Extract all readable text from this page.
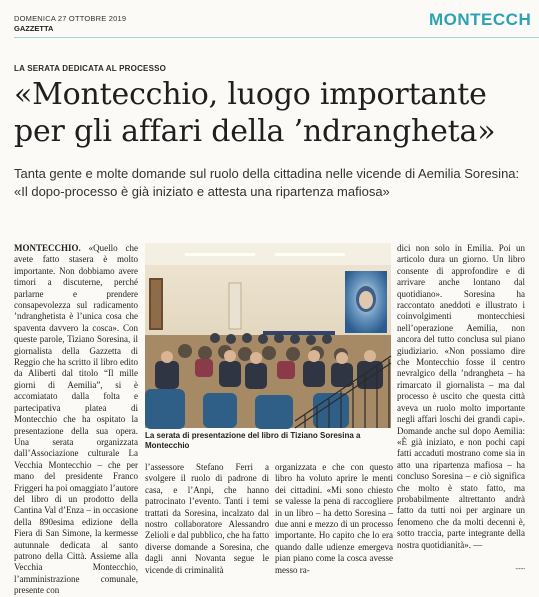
DOMENICA 27 OTTOBRE 2019
GAZZETTA	MONTECCH
LA SERATA DEDICATA AL PROCESSO
«Montecchio, luogo importante per gli affari della ’ndrangheta»
Tanta gente e molte domande sul ruolo della cittadina nelle vicende di Aemilia Soresina: «Il dopo-processo è già iniziato e attesta una ripartenza mafiosa»
MONTECCHIO. «Quello che avete fatto stasera è molto importante. Non dobbiamo avere timori a discuterne, perché parlarne e prendere consapevolezza sul radicamento ’ndranghetista è l’unica cosa che spaventa davvero la cosca». Con queste parole, Tiziano Soresina, il giornalista della Gazzetta di Reggio che ha scritto il libro edito da Aliberti dal titolo “Il mille giorni di Aemilia”, si è accomiatato dalla folta e partecipativa platea di Montecchio che ha ospitato la presentazione della sua opera. Una serata organizzata dall’Associazione culturale La Vecchia Montecchio – che per mano del presidente Franco Friggeri ha poi omaggiato l’autore del libro di un prodotto della Cantina Val d’Enza – in occasione della 890esima edizione della Fiera di San Simone, la kermesse autunnale dedicata al santo patrono della Città. Assieme alla Vecchia Montecchio, l’amministrazione comunale, presente con
La serata di presentazione del libro di Tiziano Soresina a Montecchio
l’assessore Stefano Ferri a svolgere il ruolo di padrone di casa, e l’Anpi, che hanno patrocinato l’evento. Tanti i temi trattati da Soresina, incalzato dal nostro collaboratore Alessandro Zelioli e dal pubblico, che ha fatto diverse domande a Soresina, che dagli anni Novanta segue le vicende di criminalità
organizzata e che con questo libro ha voluto aprire le menti dei cittadini. «Mi sono chiesto se valesse la pena di raccogliere in un libro – ha detto Soresina – due anni e mezzo di un processo importante. Ho capito che lo era quando dalle udienze emergeva pian piano come la cosca avesse messo ra-
dici non solo in Emilia. Poi un articolo dura un giorno. Un libro consente di approfondire e di arrivare anche lontano dal quotidiano». Soresina ha raccontato aneddoti e illustrato i coinvolgimenti montecchiesi nell’operazione Aemilia, non ancora del tutto conclusa sul piano giudiziario. «Non possiamo dire che Montecchio fosse il centro nevralgico della ’ndrangheta – ha rimarcato il giornalista – ma dal processo è uscito che questa città aveva un ruolo molto importante negli affari loschi dei grandi capi». Domande anche sul dopo Aemilia: «È già iniziato, e non pochi capi fatti accaduti mostrano come sia in atto una ripartenza mafiosa – ha concluso Soresina – e ciò significa che molto è stato fatto, ma probabilmente altrettanto andrà fatto da tutti noi per arginare un fenomeno che da molti decenni è, sotto traccia, parte integrante della nostra quotidianità». —
▪▪▪▪▪▪
